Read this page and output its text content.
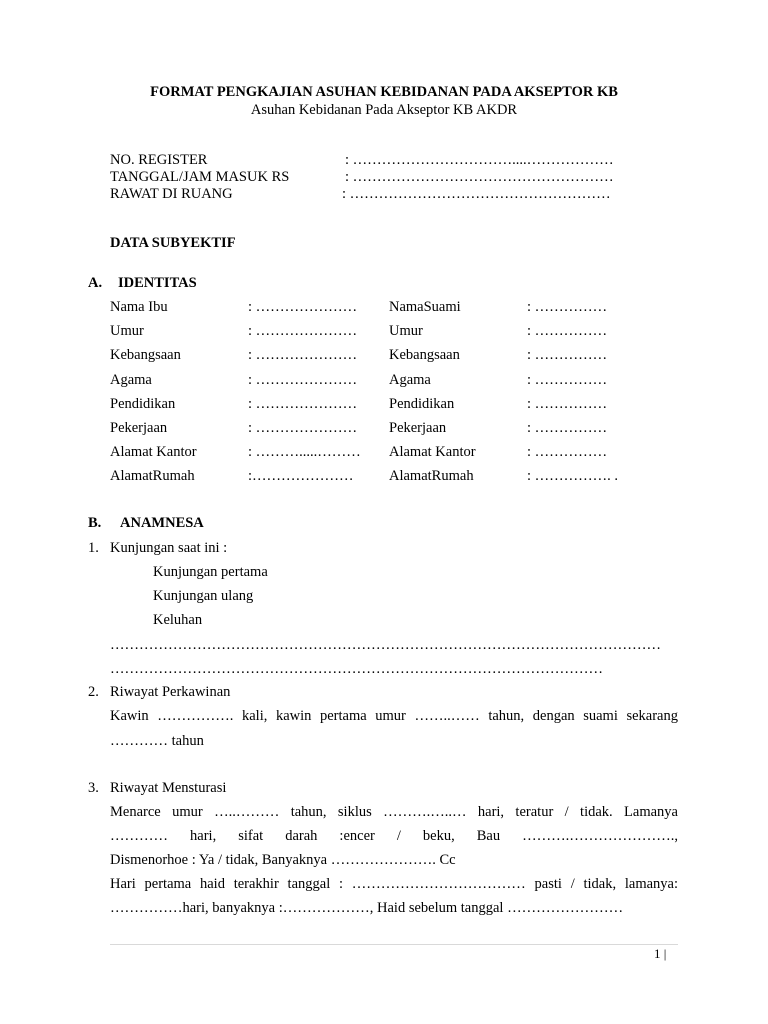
FORMAT PENGKAJIAN ASUHAN KEBIDANAN PADA AKSEPTOR KB
Asuhan Kebidanan Pada Akseptor KB AKDR
NO. REGISTER	: ……………………………....………………
TANGGAL/JAM MASUK RS	: ………………………………………………
RAWAT DI RUANG	: ………………………………………………
DATA SUBYEKTIF
A. IDENTITAS
Nama Ibu	: ………………… NamaSuami	: ……………
Umur	: ………………… Umur	: ……………
Kebangsaan	: ………………… Kebangsaan	: ……………
Agama	: ………………… Agama	: ……………
Pendidikan	: ………………… Pendidikan	: ……………
Pekerjaan	: ………………… Pekerjaan	: ……………
Alamat Kantor	: ……….....……… Alamat Kantor	: ……………
AlamatRumah	:………………… AlamatRumah	: ……………. .
B. ANAMNESA
1. Kunjungan saat ini :
Kunjungan pertama
Kunjungan ulang
Keluhan
……………………………………………………………………………………………………
…………………………………………………………………………………………
2. Riwayat Perkawinan
Kawin ……………. kali, kawin pertama umur ……..…… tahun, dengan suami sekarang
………… tahun
3. Riwayat Mensturasi
Menarce umur …..……… tahun, siklus ……….…..… hari, teratur / tidak. Lamanya
………… hari, sifat darah :encer / beku, Bau ……….………………….,
Dismenorhoe : Ya / tidak, Banyaknya …………………. Cc
Hari pertama haid terakhir tanggal : ……………………………… pasti / tidak, lamanya:
……………hari, banyaknya :………………, Haid sebelum tanggal ……………………
1 |
